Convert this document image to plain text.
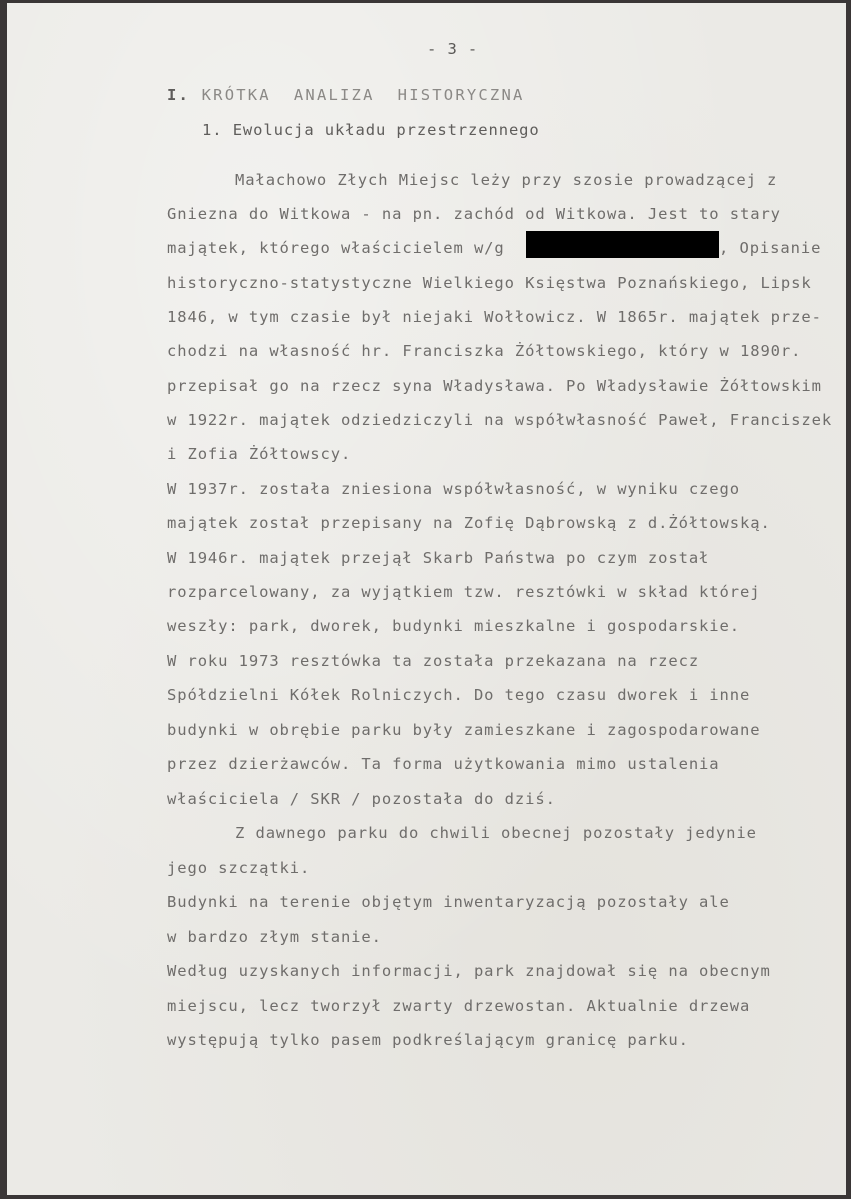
- 3 -
I. KRÓTKA  ANALIZA  HISTORYCZNA
1. Ewolucja układu przestrzennego
Małachowo Złych Miejsc leży przy szosie prowadzącej z
Gniezna do Witkowa - na pn. zachód od Witkowa. Jest to stary
majątek, którego właścicielem w/g	, Opisanie
historyczno-statystyczne Wielkiego Księstwa Poznańskiego, Lipsk
1846, w tym czasie był niejaki Wołłowicz. W 1865r. majątek prze-
chodzi na własność hr. Franciszka Żółtowskiego, który w 1890r.
przepisał go na rzecz syna Władysława. Po Władysławie Żółtowskim
w 1922r. majątek odziedziczyli na współwłasność Paweł, Franciszek
i Zofia Żółtowscy.
W 1937r. została zniesiona współwłasność, w wyniku czego
majątek został przepisany na Zofię Dąbrowską z d.Żółtowską.
W 1946r. majątek przejął Skarb Państwa po czym został
rozparcelowany, za wyjątkiem tzw. resztówki w skład której
weszły: park, dworek, budynki mieszkalne i gospodarskie.
W roku 1973 resztówka ta została przekazana na rzecz
Spółdzielni Kółek Rolniczych. Do tego czasu dworek i inne
budynki w obrębie parku były zamieszkane i zagospodarowane
przez dzierżawców. Ta forma użytkowania mimo ustalenia
właściciela / SKR / pozostała do dziś.
Z dawnego parku do chwili obecnej pozostały jedynie
jego szczątki.
Budynki na terenie objętym inwentaryzacją pozostały ale
w bardzo złym stanie.
Według uzyskanych informacji, park znajdował się na obecnym
miejscu, lecz tworzył zwarty drzewostan. Aktualnie drzewa
występują tylko pasem podkreślającym granicę parku.
